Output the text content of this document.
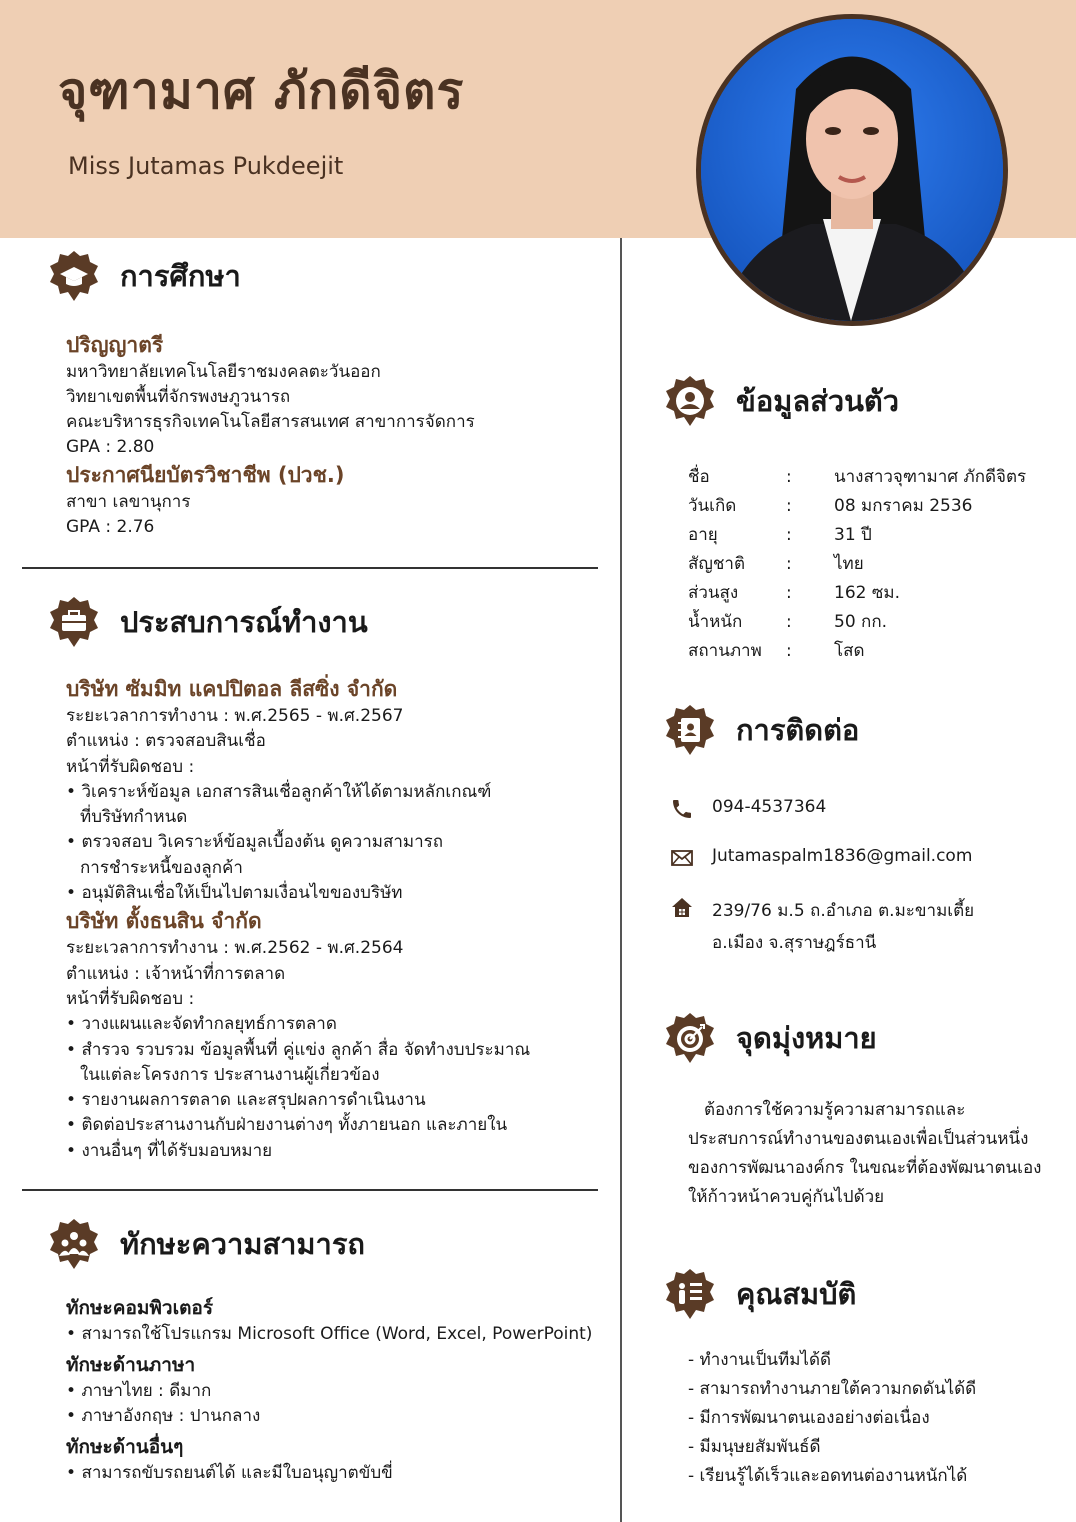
จุฑามาศ ภักดีจิตร
Miss Jutamas Pukdeejit
การศึกษา
ปริญญาตรี
มหาวิทยาลัยเทคโนโลยีราชมงคลตะวันออก
วิทยาเขตพื้นที่จักรพงษภูวนารถ
คณะบริหารธุรกิจเทคโนโลยีสารสนเทศ สาขาการจัดการ
GPA : 2.80
ประกาศนียบัตรวิชาชีพ (ปวช.)
สาขา เลขานุการ
GPA : 2.76
ประสบการณ์ทำงาน
บริษัท ซัมมิท แคปปิตอล ลีสซิ่ง จำกัด
ระยะเวลาการทำงาน : พ.ศ.2565 - พ.ศ.2567
ตำแหน่ง : ตรวจสอบสินเชื่อ
หน้าที่รับผิดชอบ :
• วิเคราะห์ข้อมูล เอกสารสินเชื่อลูกค้าให้ได้ตามหลักเกณฑ์ ที่บริษัทกำหนด
• ตรวจสอบ วิเคราะห์ข้อมูลเบื้องต้น ดูความสามารถ การชำระหนี้ของลูกค้า
• อนุมัติสินเชื่อให้เป็นไปตามเงื่อนไขของบริษัท
บริษัท ตั้งธนสิน จำกัด
ระยะเวลาการทำงาน : พ.ศ.2562 - พ.ศ.2564
ตำแหน่ง : เจ้าหน้าที่การตลาด
หน้าที่รับผิดชอบ :
• วางแผนและจัดทำกลยุทธ์การตลาด
• สำรวจ รวบรวม ข้อมูลพื้นที่ คู่แข่ง ลูกค้า สื่อ จัดทำงบประมาณ ในแต่ละโครงการ ประสานงานผู้เกี่ยวข้อง
• รายงานผลการตลาด และสรุปผลการดำเนินงาน
• ติดต่อประสานงานกับฝ่ายงานต่างๆ ทั้งภายนอก และภายใน
• งานอื่นๆ ที่ได้รับมอบหมาย
ทักษะความสามารถ
ทักษะคอมพิวเตอร์
• สามารถใช้โปรแกรม Microsoft Office (Word, Excel, PowerPoint)
ทักษะด้านภาษา
• ภาษาไทย : ดีมาก
• ภาษาอังกฤษ : ปานกลาง
ทักษะด้านอื่นๆ
• สามารถขับรถยนต์ได้ และมีใบอนุญาตขับขี่
ข้อมูลส่วนตัว
ชื่อ	:	นางสาวจุฑามาศ ภักดีจิตร
วันเกิด	:	08 มกราคม 2536
อายุ	:	31 ปี
สัญชาติ	:	ไทย
ส่วนสูง	:	162 ซม.
น้ำหนัก	:	50 กก.
สถานภาพ	:	โสด
การติดต่อ
094-4537364
Jutamaspalm1836@gmail.com
239/76 ม.5 ถ.อำเภอ ต.มะขามเตี้ย
อ.เมือง จ.สุราษฎร์ธานี
จุดมุ่งหมาย
ต้องการใช้ความรู้ความสามารถและประสบการณ์ทำงานของตนเองเพื่อเป็นส่วนหนึ่งของการพัฒนาองค์กร ในขณะที่ต้องพัฒนาตนเองให้ก้าวหน้าควบคู่กันไปด้วย
คุณสมบัติ
- ทำงานเป็นทีมได้ดี
- สามารถทำงานภายใต้ความกดดันได้ดี
- มีการพัฒนาตนเองอย่างต่อเนื่อง
- มีมนุษยสัมพันธ์ดี
- เรียนรู้ได้เร็วและอดทนต่องานหนักได้
